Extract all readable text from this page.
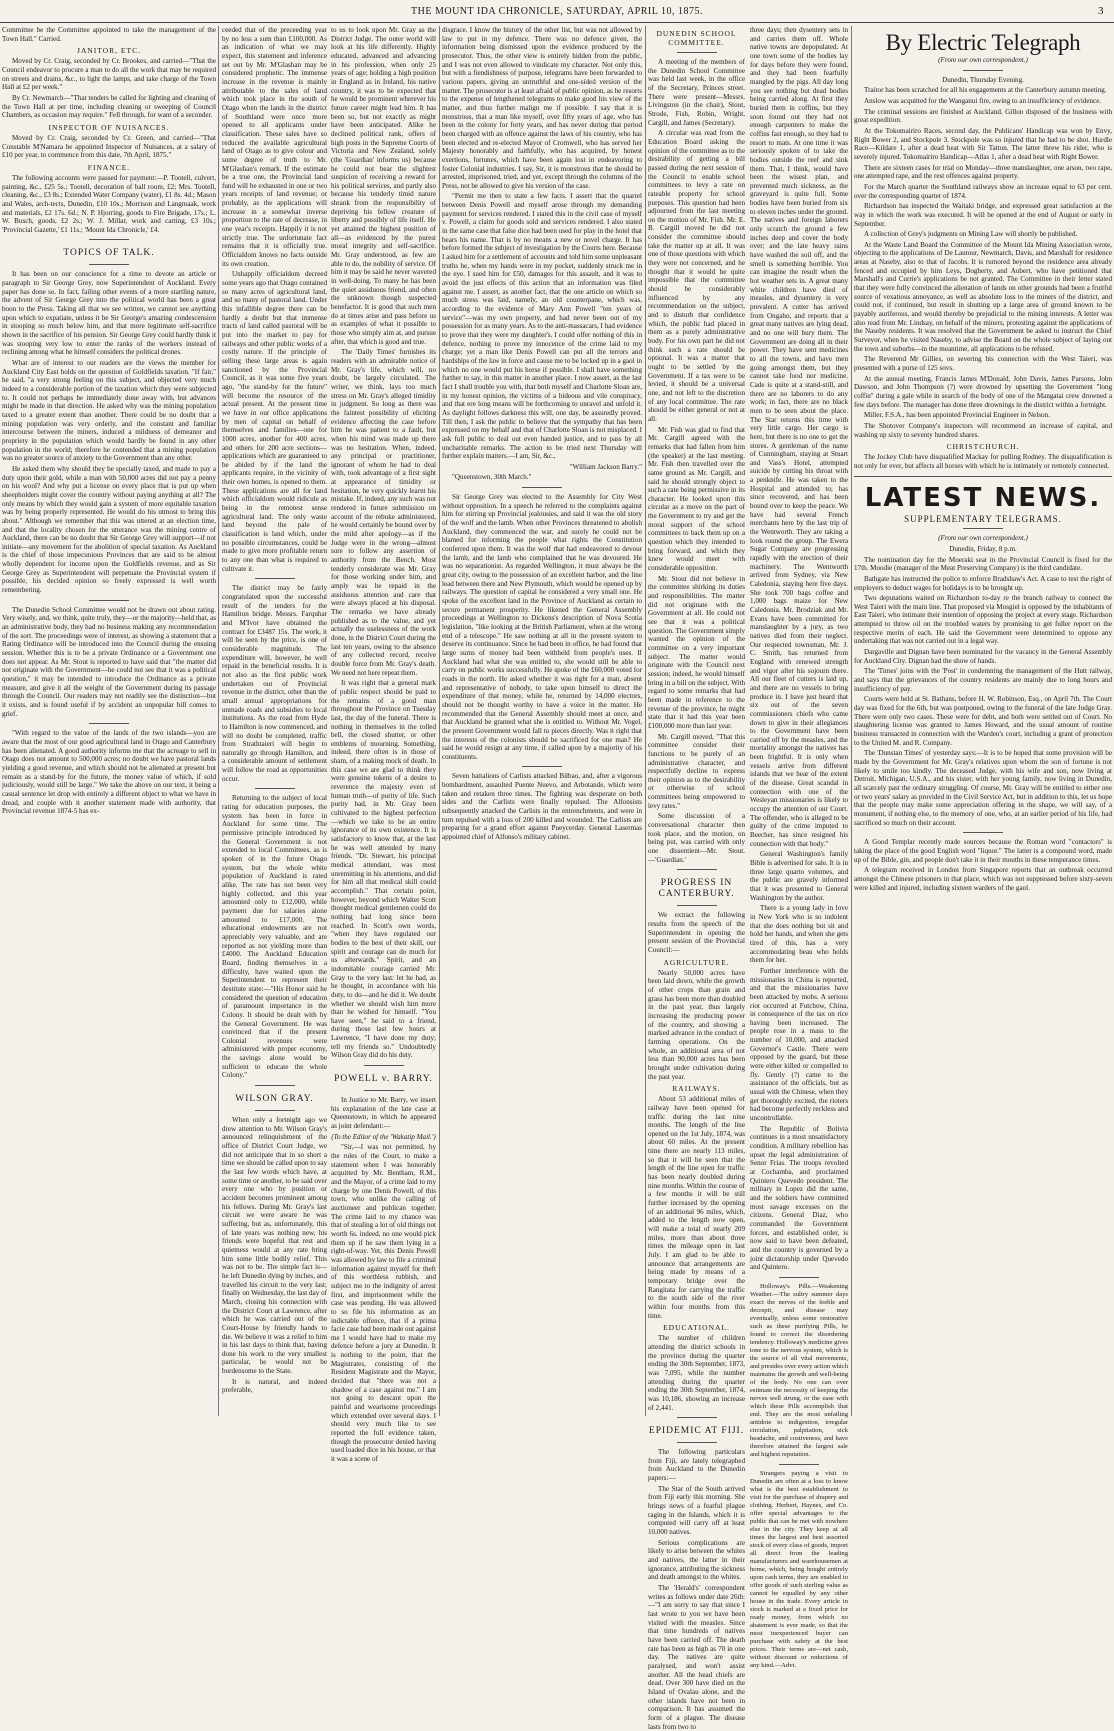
THE MOUNT IDA CHRONICLE, SATURDAY, APRIL 10, 1875.	3

Committee be the Committee appointed to take the management of the Town Hall." Carried.

JANITOR, ETC.

Moved by Cr. Craig, seconded by Cr. Brookes, and carried—"That the Council endeavor to procure a man to do all the work that may be required on streets and drains, &c., to light the lamps, and take charge of the Town Hall at £2 per week."

By Cr. Newmarch—"That tenders be called for lighting and cleaning of the Town Hall at per time, including cleaning or sweeping of Council Chambers, as occasion may require." Fell through, for want of a seconder.

INSPECTOR OF NUISANCES.

Moved by Cr. Craig, seconded by Cr. Green, and carried—"That Constable M'Namara be appointed Inspector of Nuisances, at a salary of £10 per year, to commence from this date, 7th April, 1875."

FINANCE.

The following accounts were passed for payment:—P. Tootell, culvert, painting, &c., £25 5s.; Tootell, decoration of ball room, £2; Mrs. Tootell, cleaning, &c., £3 8s.; Extended Water Company (water), £1 8s. 4d.; Mason and Wales, arch-tects, Dunedin, £10 10s.; Morrison and Langmaak, work and materials, £2 17s. 6d.; N. P. Hjorring, goods to Fire Brigade, 17s.; L. W. Busch, goods, £2 2s.; W. J. Millar, work and carting, £3 10s.; 'Provincial Gazette,' £1 11s.; 'Mount Ida Chronicle,' £4.

TOPICS OF TALK.

It has been on our conscience for a time to devote an article or paragraph to Sir George Grey, now Superintendent of Auckland. Every paper has done so. In fact, failing other events of a more startling nature, the advent of Sir George Grey into the political world has been a great boon to the Press. Taking all that we see written, we cannot see anything upon which to expatiate, unless it be Sir George's amazing condescension in stooping so much below him, and that more legitimate self-sacrifice shown in the sacrifice of his pension. Sir George Grey could hardly think it was stooping very low to enter the ranks of the workers instead of reclining among what he himself considers the political drones.

What are of interest to our readers are the views the member for Auckland City East holds on the question of Goldfields taxation. "If fair," he said, "a very strong feeling on this subject, and objected very much indeed to a considerable portion of the taxation which they were subjected to. It could not perhaps be immediately done away with, but advances might be made in that direction. He asked why was the mining population taxed to a greater extent than another. There could be no doubt that a mining population was very orderly, and the constant and familiar intercourse between the miners, induced a mildness of demeanor and propriety in the population which would hardly be found in any other population in the world; therefore he contended that a mining population was no greater source of anxiety to the Government than any other.

He asked them why should they be specially taxed, and made to pay a duty upon their gold, while a man with 50,000 acres did not pay a penny on his wool? And why put a license on every place that is put up when sheepholders might cover the country without paying anything at all? The only means by which they would gain a system of more equitable taxation was by being properly represented. He would do his utmost to bring this about." Although we remember that this was uttered at an election time, and that the locality chosen for the utterance was the mining centre of Auckland, there can be no doubt that Sir George Grey will support—if not initiate—any movement for the abolition of special taxation. As Auckland is the chief of those impecunious Provinces that are said to be almost wholly dependent for income upon the Goldfields revenue, and as Sir George Grey as Superintendent will perpetuate the Provincial system if possible, his decided opinion so freely expressed is well worth remembering.

The Dunedin School Committee would not be drawn out about rating. Very wisely, and, we think, quite truly, they—or the majority—held that, as an administrative body, they had no business making any recommendation of the sort. The proceedings were of interest, as showing a statement that a Rating Ordinance will be introduced into the Council during the ensuing session. Whether this is to be a private Ordinance or a Government one does not appear. As Mr. Stout is reported to have said that "the matter did not originate with the Government—he could not see that it was a political question," it may be intended to introduce the Ordinance as a private measure, and give it all the weight of the Government during its passage through the Council. Our readers may not readily see the distinction—but it exists, and is found useful if by accident an unpopular bill comes to grief.

"With regard to the value of the lands of the two islands—you are aware that the most of our good agricultural land in Otago and Canterbury has been alienated. A good authority informs me that the acreage to sell in Otago does not amount to 500,000 acres; no doubt we have pastoral lands yielding a good revenue, and which should not be alienated at present but remain as a stand-by for the future, the money value of which, if sold judiciously, would still be large." We take the above on our text, it being a casual sentence let drop with entirely a different object to what we have in dread, and couple with it another statement made with authority, that Provincial revenue 1874-5 has ex-

ceeded that of the preceeding year by no less a sum than £100,000. As an indication of what we may expect, this statement and inference set out by Mr. M'Glashan may be considered prophetic. The immense increase in the revenue is mainly attributable to the sales of land which took place in the south of Otago when the lands in the district of Southland were once more opened to all applicants under classification. These sales have so reduced the available agricultural land of Otago as to give colour and some degree of truth to Mr. M'Glashan's remark. If the estimate be a true one, the Provincial land fund will be exhausted in one or two years receipts of land revenue; or probably, as the applications will increase in a somewhat inverse proportion to the rate of decrease, in one year's receipts. Happily it is not strictly true. The unfortunate fact remains that it is officially true. Officialdom knows no facts outside its own creation.

Unhappily officialdom decreed some years ago that Otago contained so many acres of agricultural land, and so many of pastoral land. Under this infallible degree there can be hardly a doubt but that immense tracts of land called pastoral will be put into the market to pay for railways and other public works of a costly nature. If the principle of selling these large areas is again sanctioned by the Provincial Council, as it was some five years ago, "the stand-by for the future" will become the resource of the actual present. At the present time we have in our office applications by men of capital on behalf of themselves and families—one for 1000 acres, another for 400 acres, and others for 200 acre sections—applications which are guaranteed to be abided by if the land the applicants require, in the vicinity of their own homes, is opened to them. These applications are all for land which officialdom would ridicule as being in the remotest sense agricultural land. The only waste land beyond the pale of classification is land which, under no possible circumstances, could be made to give more profitable return to any one than what is required to cultivate it.

The district may be fairly congratulated upon the successful result of the tenders for the Hamilton bridge. Messrs. Farquhar and M'Ivor have obtained the contract for £3487 15s. The work, it will be seen by the price, is one of considerable magnitude. The expenditure will, however, be well repaid in the beneficial results. It is not also as the first public work undertaken out of Provincial revenue in the district, other than the small annual appropriations for unmade roads and subsidies to local institutions. As the road from Hyde to Hamilton is now commenced, and will no doubt be completed, traffic from Strathtaieri will begin to naturally go through Hamilton, and a considerable amount of settlement will follow the road as opportunities occur.

Returning to the subject of local rating for education purposes, the system has been in force in Auckland for some time. The permissive principle introduced by the General Government is not extended to local Committees, as is spoken of in the future Otago system, but the whole white population of Auckland is rated alike. The rate has not been very highly collected, and this year amounted only to £12,000, while payment due for salaries alone amounted to £17,000. The educational endowments are not appreciably very valuable, and are reported as not yielding more than £4000. The Auckland Education Board, finding themselves in a difficulty, have waited upon the Superintendent to represent their destitute state:—"His Honor said he considered the question of education of paramount importance in the Colony. It should be dealt with by the General Government. He was convinced that if the present Colonial revenues were administered with proper economy, the savings alone would be sufficient to educate the whole Colony."

WILSON GRAY.

When only a fortnight ago we drew attention to Mr. Wilson Gray's announced relinquishment of the office of District Court Judge, we did not anticipate that in so short a time we should be called upon to say the last few words which have, at some time or another, to be said over every one who by position or accident becomes prominent among his fellows. During Mr. Gray's last circuit we were aware he was suffering, but as, unfortunately, this of late years was nothing new, his friends were hopeful that rest and quietness would at any rate bring him some little bodily relief. This was not to be. The simple fact is—he left Dunedin dying by inches, and travelled his circuit to the very last; finally on Wednesday, the last day of March, closing his connection with the District Court at Lawrence, after which he was carried out of the Court-House by friendly hands to die. We believe it was a relief to him in his last days to think that, having done his work to the very smallest particular, he would not be burdensome to the State.

It is natural, and indeed preferable,

to us to look upon Mr. Gray as the District Judge. The outer world will look at his life differently. Highly educated, advanced and advancing in his profession, when only 25 years of age; holding a high position in England as in Ireland, his native country, it was to be expected that he would be prominent wherever his future career might lead him. It has been so, but not exactly as might have been anticipated. Alike he declined political rank, offers of high posts in the Supreme Courts of Victoria and New Zealand, solely (the 'Guardian' informs us) because he could not bear the slightest suspicion of receiving a reward for his political services, and partly also because his tenderly timid nature shrank from the responsibility of depriving his fellow creature of liberty and possibly of life itself. He yet attained the highest position of all—as evidenced by the purest moral integrity and self-sacrifice. Mr. Gray understood, as few are able to do, the nobility of service. Of him it may be said he never wavered in well-doing. To many he has been the quiet assiduous friend, and often the unknown though suspected benefactor. It is good that such men do at times arise and pass before us as examples of what it possible to those who simply aim at, and pursue after, that which is good and true.

The 'Daily Times' furnishes its readers with an admirable notice of Mr. Gray's life, which will, no doubt, be largely circulated. The writer, we think, lays too much stress on Mr. Gray's alleged timidity in judgment. So long as there was the faintest possibility of eliciting evidence affecting the case before him he was patient to a fault, but when his mind was made up there was no hesitation. When, indeed, any principal or practitioner, ignorant of whom he had to deal with, took advantage of a first sight at appearance of timidity or hesitation, he very quickly learnt his mistake. If, indeed, any such was not rendered in future submission on account of the rebuke administered, he would certainly be bound over by the mild after apology—as if the Judge were in the wrong—almost sure to follow any assertion of authority from the Bench. Most tenderly considerate was Mr. Gray for those working under him, and amply was he repaid in the assiduous attention and care that were always placed at his disposal. The remarks we have already published as to the value, and yet actually the uselessness of the work done, in the District Court during the last ten years, owing to the absence of any collected record, receive double force from Mr. Gray's death. We need not here repeat them.

It was right that a general mark of public respect should be paid to the remains of a good man throughout the Province on Tuesday last, the day of the funeral. There is nothing in themselves in the tolled bell, the closed shutter, or other emblems of mourning. Something, indeed, there often is in those of sham, of a making mock of death. In this case we are glad to think they were genuine tokens of a desire to reverence the majesty even of human truth—of purity of life. Such purity had, in Mr. Gray been cultivated to the highest perfection—which we take to be an entire ignorance of its own existence. It is satisfactory to know that, at the last he was well attended by many friends. "Dr. Stewart, his principal medical attendant, was most unremitting in his attentions, and did for him all that medical skill could accomplish." That certain point, however, beyond which Walter Scott thought medical gentlemen could do nothing had long since been reached. In Scott's own words, "when they have regulated our bodies to the best of their skill, our spirit and courage can do much for us afterwards." Spirit, and an indomitable courage carried Mr. Gray to the very last: let he had, as he thought, in accordance with his duty, to do—and he did it. We doubt whether we should wish him more than he wished for himself. "You have seen," he said to a friend, during those last few hours at Lawrence, "I have done my duty; tell my friends so." Undoubtedly Wilson Gray did do his duty.

POWELL v. BARRY.

In Justice to Mr. Barry, we insert his explanation of the late case at Queenstown, in which he appeared as joint defendant:—

(To the Editor of the 'Wakatip Mail.')

"Sir,—I was not permitted, by the rules of the Court, to make a statement when I was honorably acquitted by Mr. Bentham, R.M., and the Mayor, of a crime laid to my charge by one Denis Powell, of this town, who unlike the calling of auctioneer and publican together. The crime laid to my chance was that of stealing a lot of old things not worth 6s. indeed, no one would pick them up if he saw them lying in a right-of-way. Yet, this Denis Powell was allowed by law to file a criminal information against myself for theft of this worthless rubbish, and subject me to the indignity of arrest first, and imprisonment while the case was pending. He was allowed to so file his information as an indictable offence, that if a prima facie case had been made out against me I would have had to make my defence before a jury at Dunedin. It is nothing to the point, that the Magistrates, consisting of the Resident Magistrate and the Mayor, decided that "there was not a shadow of a case against me." I am not going to descant upon the painful and wearisome proceedings which extended over several days. I should very much like to see reported the full evidence taken, though the prosecutor denied having used loaded dice in his house, or that it was a scene of

disgrace. I know the history of the other list, but was not allowed by law to put in my defence. There was no defence given, the information being dismissed upon the evidence produced by the prosecutor. Thus, the other view is entirely hidden from the public, and I was not even allowed to vindicate my character. Not only this, but with a fiendishness of purpose, telegrams have been forwarded to various papers, giving an untruthful and one-sided version of the matter. The prosecutor is at least afraid of public opinion, as he resorts to the expense of lengthened telegrams to make good his view of the matter, and thus further malign me if possible. I say that it is monstrous, that a man like myself, over fifty years of age, who has been in the colony for forty years, and has never during that period been charged with an offence against the laws of his country, who has been elected and re-elected Mayor of Cromwell, who has served her Majesty honorably and faithfully, who has acquired, by honest exertions, fortunes, which have been again lost in endeavoring to foster Colonial industries. I say, Sir, it is monstrous that he should be arrested, imprisoned, tried, and yet, except through the columns of the Press, not be allowed to give his version of the case.

"Permit me then to state a few facts. I assert that the quarrel between Denis Powell and myself arose through my demanding payment for services rendered. I stated this in the civil case of myself v. Powell, a claim for goods sold and services rendered. I also stated in the same case that false dice had been used for play in the hotel that bears his name. That is by no means a new or novel charge. It has before formed the subject of investigation by the Courts here. Because I asked him for a settlement of accounts and told him some unpleasant truths he, when my hands were in my pocket, suddenly struck me in the eye. I sued him for £50, damages for this assault, and it was to avoid the just effects of this action that an information was filed against me. I assert, as another fact, that the one article on which so much stress was laid, namely, an old counterpane, which was, according to the evidence of Mary Ann Powell "ten years of service"—was my own property, and had never been out of my possession for as many years. As to the anti-massacars, I had evidence to prove that they were my daughter's. I could offer nothing of this in defence, nothing to prove my innocence of the crime laid to my charge; yet a man like Denis Powell can put all the terrors and hardships of the law in force and cause me to be locked up in a gaol in which no one would put his horse if possible. I shall have something further to say, in this matter in another place. I now assert, as the last fact I shall trouble you with, that both myself and Charlotte Sloan are, in my honest opinion, the victims of a hideous and vile conspiracy, and that ere long means will be forthcoming to unravel and unfold it. As daylight follows darkness this will, one day, be assuredly proved. Till then, I ask the public to believe that the sympathy that has been expressed on my behalf and that of Charlotte Sloan is not misplaced. I ask full public to deal out even handed justice, and to pass by all uncharitable remarks. The action to be tried next Thursday will further explain matters.—I am, Sir, &c.,

"William Jackson Barry."

"Queenstown, 30th March."

Sir George Grey was elected to the Assembly for City West without opposition. In a speech he referred to the complaints against him for stirring up Provincial jealousies, and said it was the old story of the wolf and the lamb. When other Provinces threatened to abolish Auckland, they commenced the war, and surely he could not be blamed for informing the people what rights the Constitution conferred upon them. It was the wolf that had endeavored to devour the lamb, and the lamb who complained that he was devoured. He was no separationist. As regarded Wellington, it must always be the great city, owing to the possession of an excellent harbor, and the line lead between there and New Plymouth, which would be opened up by railways. The question of capital he considered a very small one. He spoke of the excellent land in the Province of Auckland as certain to secure permanent prosperity. He likened the General Assembly proceedings at Wellington to Dickens's description of Nova Scotia legislation, "like looking at the British Parliament, when at the wrong end of a telescope." He saw nothing at all in the present system to deserve its continuance. Since he had been in office, he had found that large sums of money had been withheld from people's uses. If Auckland had what she was entitled to, she would still be able to carry on public works successfully. He spoke of the £60,000 voted for roads in the north. He asked whether it was right for a man, absent and representative of nobody, to take upon himself to direct the expenditure of that money, while he, returned by 14,000 electors, should not be thought worthy to have a voice in the matter. He recommended that the General Assembly should meet at once, and that Auckland be granted what she is entitled to. Without Mr. Vogel, the present Government would fall to pieces directly. Was it right that the interests of the colonists should be sacrificed for one man? He said he would resign at any time, if called upon by a majority of his constituents.

Seven battalions of Carlists attacked Bilbao, and, after a vigorous bombardment, assaulted Puente Nuevo, and Arbotande, which were taken and retaken three times. The fighting was desperate on both sides and the Carlists were finally repulsed. The Alfonsists subsequently attacked the Carlists in the entrenchments, and were in turn repulsed with a loss of 200 killed and wounded. The Carlists are preparing for a grand effort against Pueycerday. General Lasermas appointed chief of Alfonso's military cabinet.

DUNEDIN SCHOOL COMMITTEE.

A meeting of the members of the Dunedin School Committee was held last week, in the office of the Secretary, Princes street. There were present—Messrs. Livingston (in the chair), Stout, Strode, Fish, Robin, Wright, Cargill, and James (Secretary).

A circular was read from the Education Board asking the opinion of the committee as to the desirability of getting a bill passed during the next session of the Council to enable school committees to levy a rate on rateable property for school purposes. This question had been adjourned from the last meeting on the motion of Mr. Fish. Mr. E. B. Cargill moved he did not consider the committee should take the matter up at all. It was one of those questions with which they were not concerned, and he thought that it would be quite impossible that the committee should be considerably influenced by any recommendation on the subject, and to disturb that confidence which, the public had placed in them as a purely administrative body. For his own part he did not think such a rate should be optional. It was a matter that ought to be settled by the Government. If a tax were to be levied, it should be a universal one, and not left to the discretion of any local committee. The rate should be either general or not at all.

Mr. Fish was glad to find that Mr. Cargill agreed with the remarks that had fallen from him (the speaker) at the last meeting. Mr. Fish then travelled over the same ground as Mr. Cargill, and said he should strongly object to such a rate being permissive in its character. He looked upon this circular as a move on the part of the Government to try and get the moral support of the school committees to back them up on a question which they intended to bring forward, and which they knew would meet with considerable opposition.

Mr. Stout did not believe in the committee shirking its duties and responsibilities. The matter did not originate with the Government at all. He could not see that it was a political question. The Government simply wanted the opinion of the committee on a very important subject. The matter would originate with the Council next session; indeed, he would himself bring in a bill on the subject. With regard to some remarks that had been made in reference to the revenue of the province, he might state that it had this year been £100,000 more than last year.

Mr. Cargill moved, "That this committee consider their functions to be purely of an administrative character, and respectfully decline to express their opinion as to the desirability or otherwise of school committees being empowered to levy rates."

Some discussion of a conversational character then took place, and the motion, on being put, was carried with only one dissentient—Mr. Stout.—'Guardian.'

PROGRESS IN CANTERBURY.

We extract the following results from the speech of the Superintendent in opening the present session of the Provincial Council:—

AGRICULTURE.

Nearly 50,000 acres have been laid down, while the growth of other crops than grain and grass has been more than doubled in the past year, thus largely increasing the producing power of the country, and showing a marked advance in the conduct of farming operations. On the whole, an additional area of not less than 90,000 acres has been brought under cultivation during the past year.

RAILWAYS.

About 53 additional miles of railway have been opened for traffic during the last nine months. The length of the line opened on the 1st July, 1874, was about 60 miles. At the present time there are nearly 113 miles, so that it will be seen that the length of the line open for traffic has been nearly doubled during nine months. Within the course of a few months it will be still further increased by the opening of an additional 96 miles, which, added to the length now open, will make a total of nearly 209 miles, more than about three times the mileage open in last July. I am glad to be able to announce that arrangements are being made by means of a temporary bridge over the Rangitata for carrying the traffic to the south side of the river within four months from this time.

EDUCATIONAL.

The number of children attending the district schools in the province during the quarter ending the 30th September, 1873, was 7,095, while the number attending during the quarter ending the 30th September, 1874, was 10,186, showing an increase of 2,441.

EPIDEMIC AT FIJI.

The following particulars from Fiji, are lately telegraphed from Auckland to the Dunedin papers:—

The Star of the South arrived from Fiji early this morning. She brings news of a fearful plague raging in the Islands, which it is computed will carry off at least 10,000 natives.

Serious complications are likely to arise between the whites and natives, the latter in their ignorance, attributing the sickness and death amongst to the whites.

The 'Herald's' correspondent writes as follows under date 26th:—"I am sorry to say that since I last wrote to you we have been visited with the measles. Since that time hundreds of natives have been carried off. The death rate has been as high as 70 in one day. The natives are quite paralysed, and won't assist another. All the head chiefs are dead. Over 300 have died on the Island of Ovalau alone, and the other islands have not been in comparison. It has assumed the form of a plague. The disease lasts from two to

three days; then dysentery sets in and carries them off. Whole native towns are depopulated. At one town some of the bodies lay for days before they were found, and they had been fearfully mangled by the pigs. All day long you see nothing but dead bodies being carried along. At first they buried them in coffins, but they soon found out they had not enough carpenters to make the coffins fast enough, so they had to resort to mats. At one time it was seriously spoken of to take the bodies outside the reef and sink them. That, I think, would have been the wisest plan, and prevented much sickness, as the graveyard is quite full. Some bodies have been buried from six to eleven inches under the ground. The natives and foreign laborers only scratch the ground a few inches deep and cover the body over; and the late heavy rains have washed the soil off, and the smell is something horrible. You can imagine the result when the hot weather sets in. A great many white children have died of measles, and dysentery is very prevalent. A cutter has arrived from Ongaho, and reports that a great many natives are lying dead, and no one will bury them. The Government are doing all in their power. They have sent medicines to all the towns, and have men going amongst them, but they cannot take food nor medicine. Cade is quite at a stand-still, and there are no laborers to do any work; in fact, there are no black men to be seen about the place. The Star returns this time with very little cargo. Her cargo is here, but there is no one to get the stores. A gentleman of the name of Cunningham, staying at Stuart and Vass's Hotel, attempted suicide by cutting his throat with a penknife. He was taken to the Hospital and attended to; has since recovered, and has been bound over to keep the peace. We have had several French merchants here by the last trip of the Wentworth. They are taking a look round the group. The Ewera Sugar Company are progressing rapidly with the erection of their machinery. The Wentworth arrived from Sydney, via New Caledonia, staying here five days. She took 700 bags coffee and 1,000 bags maize for New Caledonia. Mr. Brodziak and Mr. Evans have been committed for manslaughter by a jury, as two natives died from their neglect. Our respected townsman, Mr. J. C. Smith, has returned from England with renewed strength and vigor after his sojourn there. All our fleet of cutters is laid up, and there are no vessels to bring produce in. I have just heard that six out of the seven commissioners chiefs who came down to give in their allegiances to the Government have been carried off by the measles, and the mortality amongst the natives has been frightful. It is only when vessels arrive from different islands that we hear of the extent of the disease. Great scandal in connection with one of the Wesleyan missionaries is likely to occupy the attention of our Court. The offender, who is alleged to be guilty of the crime imputed to Beecher, has since resigned his connection with that body."

General Washington's family Bible is advertised for sale. It is in three large quarto volumes, and the public are gravely informed that it was presented to General Washington by the author.

There is a young lady in love in New York who is so indolent that she does nothing but sit and hold her hands, and when she gets tired of this, has a very accommodating beau who holds them for her.

Further interference with the missionaries in China is reported, and that the missionaries have been attacked by mobs. A serious riot occurred at Futchow, China, in consequence of the tax on rice having been increased. The people rose in a mass to the number of 10,000, and attacked Governor's Castle. There were opposed by the guard, but these were either killed or compelled to fly. Gently (?) came to the assistance of the officials, but as usual with the Chinese, when they get thoroughly excited, the rioters had become perfectly reckless and uncontrollable.

The Republic of Bolivia continues in a most unsatisfactory condition. A military rebellion has upset the legal administration of Senor Frias. The troops revolted at Cochamba, and proclaimed Quintero Quevedo president. The military in Lopez did the same, and the soldiers have committed most savage excesses on the citizens. General Diaz, who commanded the Government forces, and established order, is now said to have been defeated, and the country is governed by a joint dictatorship under Quevedo and Quintero.

Holloway's Pills.—Weakening Weather.—The sultry summer days exact the nerves of the feeble and decrepit, and disease may eventually, unless some restorative such as these purifying Pills, be found to correct the disordering tendency. Holloway's medicine gives tone to the nervous system, which is the source of all vital movements, and presides over every action which maintains the growth and well-being of the body. No one can over estimate the necessity of keeping the nerves well strung, or the ease with which these Pills accomplish that end. They are the most unfailing antidote to indigestion, irregular circulation, palpitation, sick headache, and costiveness, and have therefore attained the largest sale and highest reputation.

Strangers paying a visit to Dunedin are often at a loss to know what is the best establishment to visit for the purchase of drapery and clothing. Herbert, Haynes, and Co. offer special advantages to the public that can be met with nowhere else in the city. They keep at all times the largest and best assorted stock of every class of goods, import all direct from the leading manufacturers and warehousemen at home, which, being bought entirely upon cash terms, they are enabled to offer goods of such sterling value as cannot be equalled by any other house in the trade. Every article in stock is marked at a fixed price for ready money, from which no abatement is ever made, so that the most inexperienced buyer can purchase with safety at the best prices. Their terms are—net cash, without discount or reductions of any kind.—Advt.

By Electric Telegraph

(From our own correspondent.)

Dunedin, Thursday Evening.

Traitor has been scratched for all his engagements at the Canterbury autumn meeting.

Anslow was acquitted for the Wanganui fire, owing to an insufficiency of evidence.

The criminal sessions are finished at Auckland. Gillon disposed of the business with great expedition.

At the Tokomairiro Races, second day, the Publicans' Handicap was won by Envy, Right Bower 2, and Stockpole 3. Stockpole was so injured that he had to be shot. Hurdle Race—Kildare 1, after a dead heat with Sir Tatton. The latter threw his rider, who is severely injured. Tokomairiro Handicap—Atlas 1, after a dead heat with Right Bower.

There are sixteen cases for trial on Monday—three manslaughter, one arson, two rape, one attempted rape, and the rest offences against property.

For the March quarter the Southland railways show an increase equal to 63 per cent. over the corresponding quarter of 1874.

Richardson has inspected the Waitaki bridge, and expressed great satisfaction at the way in which the work was executed. It will be opened at the end of August or early in September.

A collection of Grey's judgments on Mining Law will shortly be published.

At the Waste Land Board the Committee of the Mount Ida Mining Association wrote, objecting to the applications of De Lautour, Newmarch, Davis, and Marshall for residence areas at Naseby, also to that of Jacobs. It is rumored beyond the residence area already fenced and occupied by him Leys, Dogherty, and Aubert, who have petitioned that Marshall's and Currie's applications be not granted. The Committee in their letter stated that they were fully convinced the alienation of lands on other grounds had been a fruitful source of vexatious annoyance, as well as absolute loss to the miners of the district, and could not, if continued, but result in shutting up a large area of ground known to be payably auriferous, and would thereby be prejudicial to the mining interests. A letter was also read from Mr. Lindsay, on behalf of the miners, protesting against the applications of the Naseby residents. It was resolved that the Government be asked to instruct the Chief Surveyor, when he visited Naseby, to advise the Board on the whole subject of laying out the town and suburbs—in the meantime, all applications to be refused.

The Reverend Mr Gillies, on severing his connection with the West Taieri, was presented with a purse of 125 sovs.

At the annual meeting, Francis James M'Donald, John Davis, James Parsons, John Dawson, and John Thompson (?) were drowned by upsetting the Government "long coffin" during a gale while in search of the body of one of the Mangatai crew drowned a few days before. The manager has done three drownings in the district within a fortnight.

Miller, F.S.A., has been appointed Provincial Engineer in Nelson.

The Shotover Company's inspectors will recommend an increase of capital, and washing up sixty to seventy hundred shares.

CHRISTCHURCH.

The Jockey Club have disqualified Mackay for pulling Rodney. The disqualification is not only for ever, but affects all horses with which he is intimately or remotely connected.

LATEST NEWS.
SUPPLEMENTARY TELEGRAMS.

(From our own correspondent.)

Dunedin, Friday, 8 p.m.

The nomination day for the Moeraki seat in the Provincial Council is fixed for the 17th. Moodie (manager of the Meat Preserving Company) is the third candidate.

Bathgate has instructed the police to enforce Bradshaw's Act. A case to test the right of employers to deduct wages for holidays is to be brought up.

Two deputations waited on Richardson to-day re the branch railway to connect the West Taieri with the main line. That proposed via Mosgiel is opposed by the inhabitants of East Taieri, who intimate their intention of opposing the project at every stage. Richardson attempted to throw oil on the troubled waters by promising to get fuller report on the respective merits of each. He said the Government were determined to oppose any undertaking that was not carried out in a legal way.

Dargaville and Dignan have been nominated for the vacancy in the General Assembly for Auckland City. Dignan had the show of hands.

The 'Times' joins with the 'Post' in condemning the management of the Hutt railway, and says that the grievances of the country residents are mainly due to long hours and insufficiency of pay.

Courts were held at St. Bathans, before H. W. Robinson, Esq., on April 7th. The Court day was fixed for the 6th, but was postponed, owing to the funeral of the late Judge Gray. There were only two cases. These were for debt, and both were settled out of Court. No slaughtering license was granted to James Howard, and the usual amount of routine business transacted in connection with the Warden's court, including a grant of protection to the United M. and R. Company.

The 'Dunstan Times' of yesterday says:—It is to be hoped that some provision will be made by the Government for Mr. Gray's relatives upon whom the son of fortune is not likely to smile too kindly. The deceased Judge, with his wife and son, now living at Detroit, Michigan, U.S.A., and his sister, with her young family, now living in Dunedin, all scarcely past the ordinary struggling. Of course, Mr. Gray will be entitled to either one or two years' salary as provided in the Civil Service Act, but in addition to this, let us hope that the people may make some appreciation offering in the shape, we will say, of a monument, if nothing else, to the memory of one, who, at an earlier period of his life, had sacrificed so much on their account.

A Good Templar recently made sources because the Roman word "contactors" is taking the place of the good English word "liquor." The latter is a compound word, made up of the Bible, gin, and people don't take it in their mouths in these temperance times.

A telegram received in London from Singapore reports that an outbreak occurred amongst the Chinese prisoners in that place, which was not suppressed before sixty-seven were killed and injured, including sixteen warders of the gaol.
